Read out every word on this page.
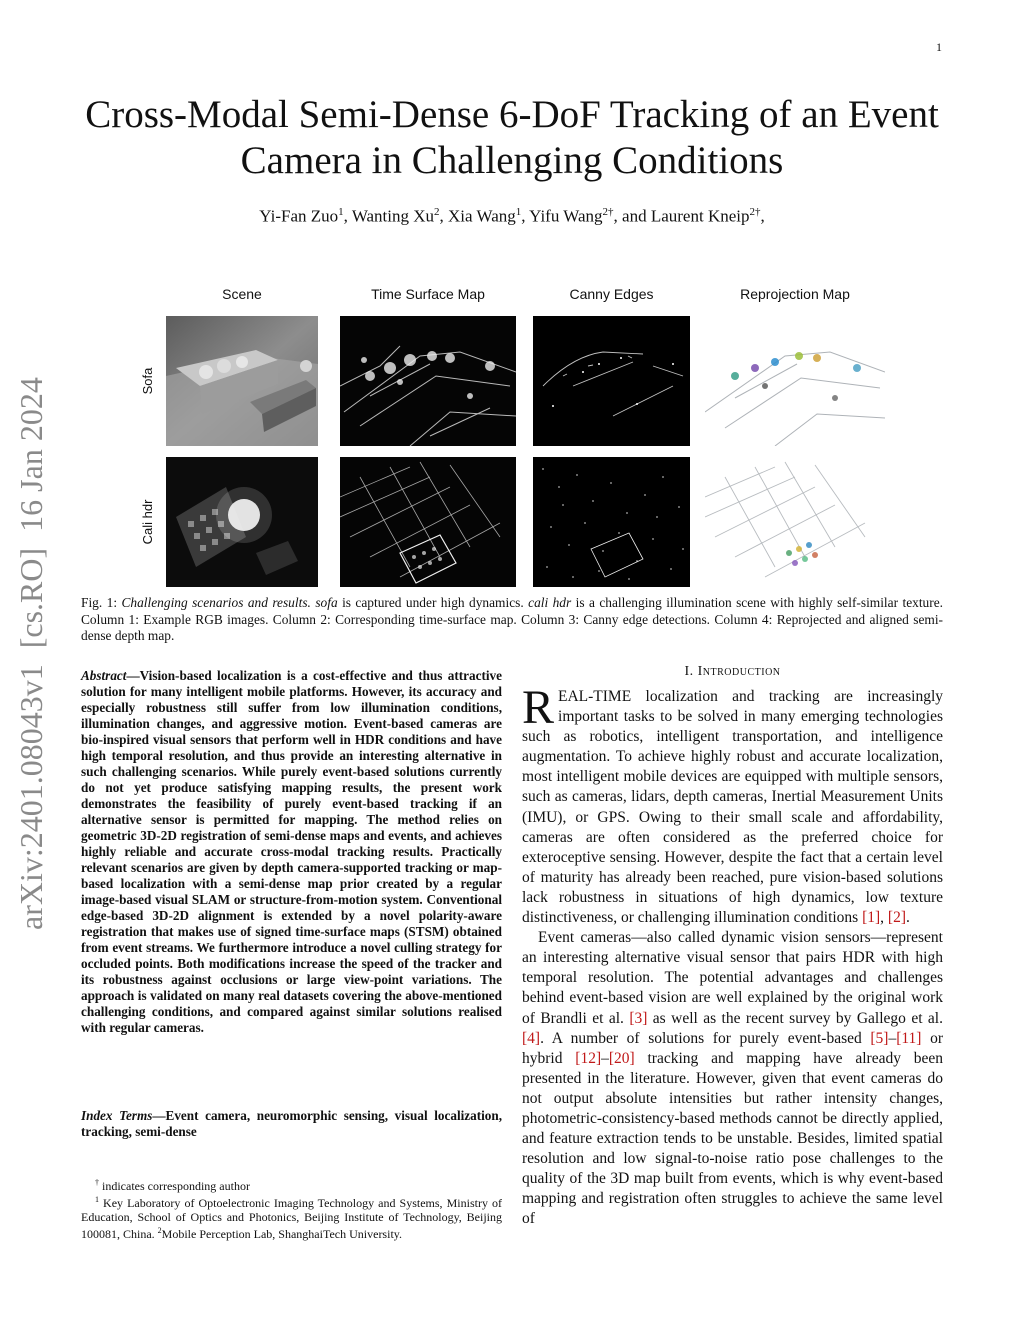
1
Cross-Modal Semi-Dense 6-DoF Tracking of an Event Camera in Challenging Conditions
Yi-Fan Zuo$^1$, Wanting Xu$^2$, Xia Wang$^1$, Yifu Wang$^{2\dagger}$, and Laurent Kneip$^{2\dagger}$,
arXiv:2401.08043v1  [cs.RO]  16 Jan 2024
Scene	Time Surface Map	Canny Edges	Reprojection Map
Sofa
Cali hdr
Fig. 1: Challenging scenarios and results. sofa is captured under high dynamics. cali hdr is a challenging illumination scene with highly self-similar texture. Column 1: Example RGB images. Column 2: Corresponding time-surface map. Column 3: Canny edge detections. Column 4: Reprojected and aligned semi-dense depth map.
Abstract—Vision-based localization is a cost-effective and thus attractive solution for many intelligent mobile platforms. However, its accuracy and especially robustness still suffer from low illumination conditions, illumination changes, and aggressive motion. Event-based cameras are bio-inspired visual sensors that perform well in HDR conditions and have high temporal resolution, and thus provide an interesting alternative in such challenging scenarios. While purely event-based solutions currently do not yet produce satisfying mapping results, the present work demonstrates the feasibility of purely event-based tracking if an alternative sensor is permitted for mapping. The method relies on geometric 3D-2D registration of semi-dense maps and events, and achieves highly reliable and accurate cross-modal tracking results. Practically relevant scenarios are given by depth camera-supported tracking or map-based localization with a semi-dense map prior created by a regular image-based visual SLAM or structure-from-motion system. Conventional edge-based 3D-2D alignment is extended by a novel polarity-aware registration that makes use of signed time-surface maps (STSM) obtained from event streams. We furthermore introduce a novel culling strategy for occluded points. Both modifications increase the speed of the tracker and its robustness against occlusions or large view-point variations. The approach is validated on many real datasets covering the above-mentioned challenging conditions, and compared against similar solutions realised with regular cameras.
Index Terms—Event camera, neuromorphic sensing, visual localization, tracking, semi-dense
† indicates corresponding author
$^1$ Key Laboratory of Optoelectronic Imaging Technology and Systems, Ministry of Education, School of Optics and Photonics, Beijing Institute of Technology, Beijing 100081, China. $^2$Mobile Perception Lab, ShanghaiTech University.
I. Introduction

REAL-TIME localization and tracking are increasingly important tasks to be solved in many emerging technologies such as robotics, intelligent transportation, and intelligence augmentation. To achieve highly robust and accurate localization, most intelligent mobile devices are equipped with multiple sensors, such as cameras, lidars, depth cameras, Inertial Measurement Units (IMU), or GPS. Owing to their small scale and affordability, cameras are often considered as the preferred choice for exteroceptive sensing. However, despite the fact that a certain level of maturity has already been reached, pure vision-based solutions lack robustness in situations of high dynamics, low texture distinctiveness, or challenging illumination conditions [1], [2].

Event cameras—also called dynamic vision sensors—represent an interesting alternative visual sensor that pairs HDR with high temporal resolution. The potential advantages and challenges behind event-based vision are well explained by the original work of Brandli et al. [3] as well as the recent survey by Gallego et al. [4]. A number of solutions for purely event-based [5]–[11] or hybrid [12]–[20] tracking and mapping have already been presented in the literature. However, given that event cameras do not output absolute intensities but rather intensity changes, photometric-consistency-based methods cannot be directly applied, and feature extraction tends to be unstable. Besides, limited spatial resolution and low signal-to-noise ratio pose challenges to the quality of the 3D map built from events, which is why event-based mapping and registration often struggles to achieve the same level of
